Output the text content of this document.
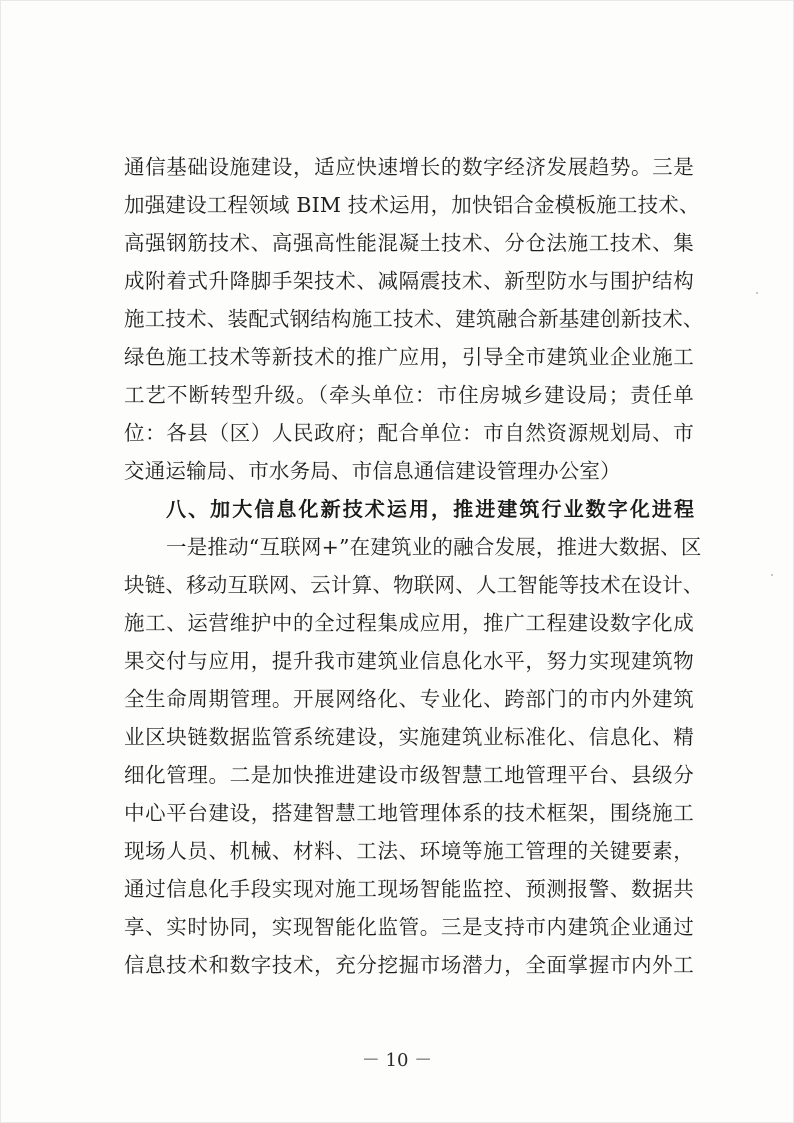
通信基础设施建设，适应快速增长的数字经济发展趋势。三是
加强建设工程领域 BIM 技术运用，加快铝合金模板施工技术、
高强钢筋技术、高强高性能混凝土技术、分仓法施工技术、集
成附着式升降脚手架技术、减隔震技术、新型防水与围护结构
施工技术、装配式钢结构施工技术、建筑融合新基建创新技术、
绿色施工技术等新技术的推广应用，引导全市建筑业企业施工
工艺不断转型升级。（牵头单位：市住房城乡建设局；责任单
位：各县（区）人民政府；配合单位：市自然资源规划局、市
交通运输局、市水务局、市信息通信建设管理办公室）
八、加大信息化新技术运用，推进建筑行业数字化进程
一是推动“互联网+”在建筑业的融合发展，推进大数据、区
块链、移动互联网、云计算、物联网、人工智能等技术在设计、
施工、运营维护中的全过程集成应用，推广工程建设数字化成
果交付与应用，提升我市建筑业信息化水平，努力实现建筑物
全生命周期管理。开展网络化、专业化、跨部门的市内外建筑
业区块链数据监管系统建设，实施建筑业标准化、信息化、精
细化管理。二是加快推进建设市级智慧工地管理平台、县级分
中心平台建设，搭建智慧工地管理体系的技术框架，围绕施工
现场人员、机械、材料、工法、环境等施工管理的关键要素，
通过信息化手段实现对施工现场智能监控、预测报警、数据共
享、实时协同，实现智能化监管。三是支持市内建筑企业通过
信息技术和数字技术，充分挖掘市场潜力，全面掌握市内外工
－ 10 －
